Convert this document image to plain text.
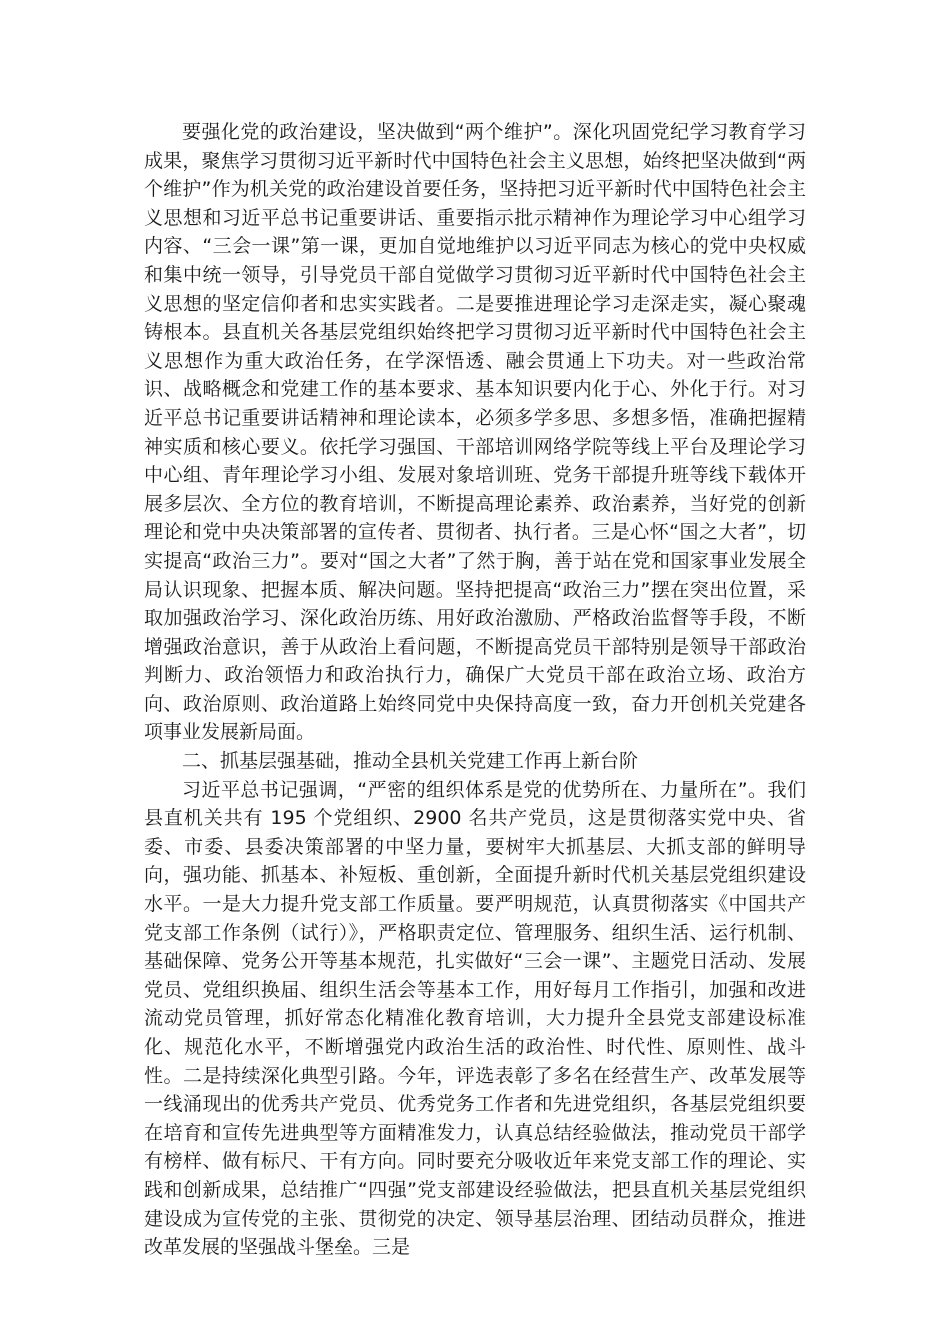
要强化党的政治建设，坚决做到“两个维护”。深化巩固党纪学习教育学习成果，聚焦学习贯彻习近平新时代中国特色社会主义思想，始终把坚决做到“两个维护”作为机关党的政治建设首要任务，坚持把习近平新时代中国特色社会主义思想和习近平总书记重要讲话、重要指示批示精神作为理论学习中心组学习内容、“三会一课”第一课，更加自觉地维护以习近平同志为核心的党中央权威和集中统一领导，引导党员干部自觉做学习贯彻习近平新时代中国特色社会主义思想的坚定信仰者和忠实实践者。二是要推进理论学习走深走实，凝心聚魂铸根本。县直机关各基层党组织始终把学习贯彻习近平新时代中国特色社会主义思想作为重大政治任务，在学深悟透、融会贯通上下功夫。对一些政治常识、战略概念和党建工作的基本要求、基本知识要内化于心、外化于行。对习近平总书记重要讲话精神和理论读本，必须多学多思、多想多悟，准确把握精神实质和核心要义。依托学习强国、干部培训网络学院等线上平台及理论学习中心组、青年理论学习小组、发展对象培训班、党务干部提升班等线下载体开展多层次、全方位的教育培训，不断提高理论素养、政治素养，当好党的创新理论和党中央决策部署的宣传者、贯彻者、执行者。三是心怀“国之大者”，切实提高“政治三力”。要对“国之大者”了然于胸，善于站在党和国家事业发展全局认识现象、把握本质、解决问题。坚持把提高“政治三力”摆在突出位置，采取加强政治学习、深化政治历练、用好政治激励、严格政治监督等手段，不断增强政治意识，善于从政治上看问题，不断提高党员干部特别是领导干部政治判断力、政治领悟力和政治执行力，确保广大党员干部在政治立场、政治方向、政治原则、政治道路上始终同党中央保持高度一致，奋力开创机关党建各项事业发展新局面。

二、抓基层强基础，推动全县机关党建工作再上新台阶

习近平总书记强调，“严密的组织体系是党的优势所在、力量所在”。我们县直机关共有 195 个党组织、2900 名共产党员，这是贯彻落实党中央、省委、市委、县委决策部署的中坚力量，要树牢大抓基层、大抓支部的鲜明导向，强功能、抓基本、补短板、重创新，全面提升新时代机关基层党组织建设水平。一是大力提升党支部工作质量。要严明规范，认真贯彻落实《中国共产党支部工作条例（试行）》，严格职责定位、管理服务、组织生活、运行机制、基础保障、党务公开等基本规范，扎实做好“三会一课”、主题党日活动、发展党员、党组织换届、组织生活会等基本工作，用好每月工作指引，加强和改进流动党员管理，抓好常态化精准化教育培训，大力提升全县党支部建设标准化、规范化水平，不断增强党内政治生活的政治性、时代性、原则性、战斗性。二是持续深化典型引路。今年，评选表彰了多名在经营生产、改革发展等一线涌现出的优秀共产党员、优秀党务工作者和先进党组织，各基层党组织要在培育和宣传先进典型等方面精准发力，认真总结经验做法，推动党员干部学有榜样、做有标尺、干有方向。同时要充分吸收近年来党支部工作的理论、实践和创新成果，总结推广“四强”党支部建设经验做法，把县直机关基层党组织建设成为宣传党的主张、贯彻党的决定、领导基层治理、团结动员群众，推进改革发展的坚强战斗堡垒。三是
